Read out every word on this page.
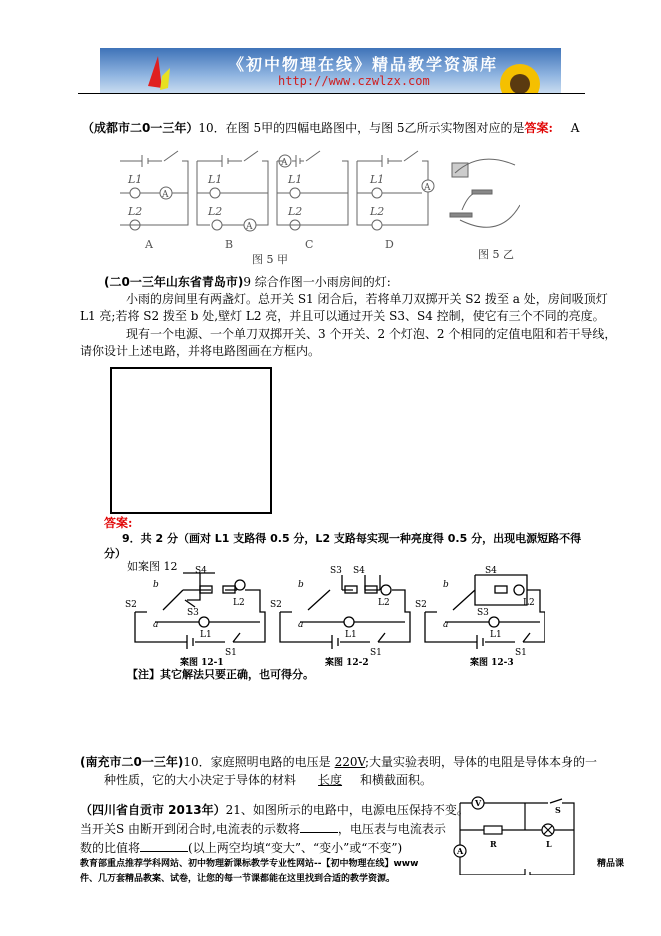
《初中物理在线》精品教学资源库
http://www.czwlzx.com
（成都市二0一三年）10．在图 5甲的四幅电路图中，与图 5乙所示实物图对应的是答案: A
A	B	C	D
L1
L2
L1
L2
L1
L2
L1
L2
A
A
A
A
图 5 甲	图 5 乙
(二0一三年山东省青岛市)9 综合作图一小雨房间的灯:
小雨的房间里有两盏灯。总开关 S1 闭合后，若将单刀双掷开关 S2 拨至 a 处，房间吸顶灯
L1 亮;若将 S2 拨至 b 处,壁灯 L2 亮，并且可以通过开关 S3、S4 控制，使它有三个不同的亮度。
现有一个电源、一个单刀双掷开关、3 个开关、2 个灯泡、2 个相同的定值电阻和若干导线，
请你设计上述电路，并将电路图画在方框内。
答案:
9．共 2 分（画对 L1 支路得 0.5 分，L2 支路每实现一种亮度得 0.5 分，出现电源短路不得
分）
如案图 12
案图 12-1	案图 12-2	案图 12-3
S2
b
a
S4
S3
L2
L1
S1
S2
b
a
S3 S4
L2
L1
S1
S2
b
a
S4
S3
L2
L1
S1
【注】其它解法只要正确，也可得分。
(南充市二0一三年)10．家庭照明电路的电压是 220V;大量实验表明，导体的电阻是导体本身的一
种性质，它的大小决定于导体的材料 长度 和横截面积。
（四川省自贡市 2013年）21、如图所示的电路中，电源电压保持不变。
当开关S 由断开到闭合时,电流表的示数将	，电压表与电流表示
数的比值将	(以上两空均填“变大”、“变小”或“不变”)
V
A
S
R	L
教育部重点推荐学科网站、初中物理新课标教学专业性网站--【初中物理在线】www	精品课
件、几万套精品教案、试卷，让您的每一节课都能在这里找到合适的教学资源。
